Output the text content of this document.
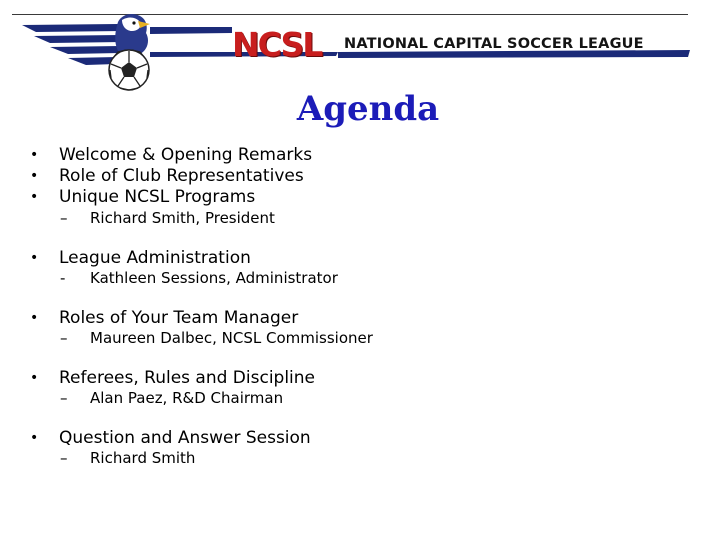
NCSL NATIONAL CAPITAL SOCCER LEAGUE
Agenda
• Welcome & Opening Remarks
• Role of Club Representatives
• Unique NCSL Programs
– Richard Smith, President
• League Administration
- Kathleen Sessions, Administrator
• Roles of Your Team Manager
– Maureen Dalbec, NCSL Commissioner
• Referees, Rules and Discipline
– Alan Paez, R&D Chairman
• Question and Answer Session
– Richard Smith
